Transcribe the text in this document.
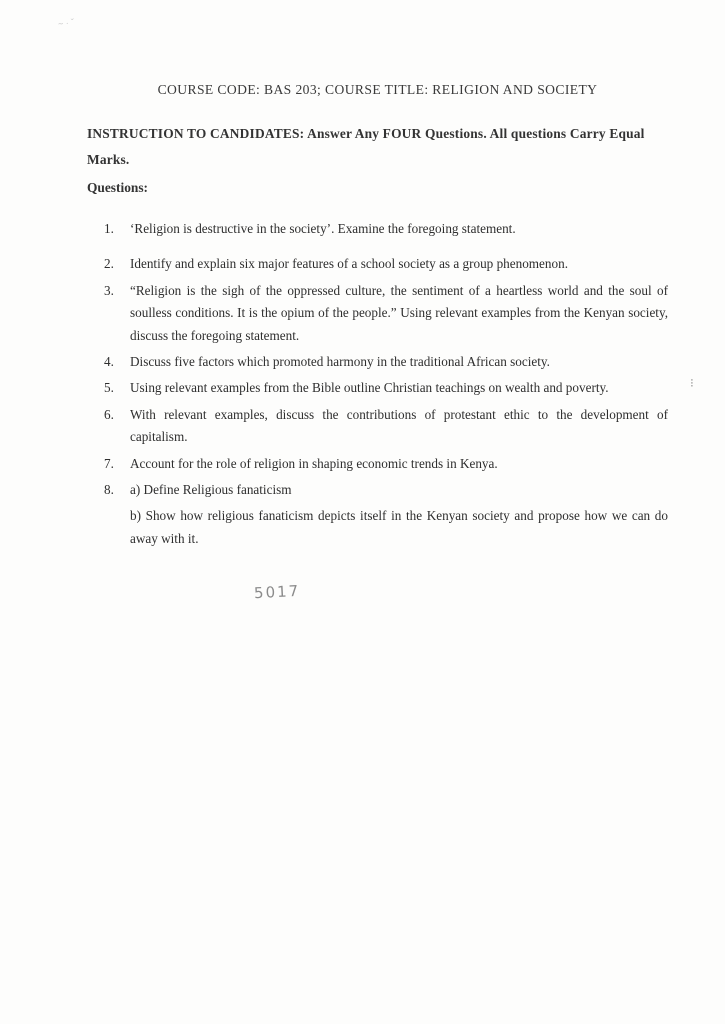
~ · ˇ
⁝
COURSE CODE: BAS 203; COURSE TITLE: RELIGION AND SOCIETY
INSTRUCTION TO CANDIDATES: Answer Any FOUR Questions. All questions Carry Equal Marks.
Questions:
1.	‘Religion is destructive in the society’. Examine the foregoing statement.
2.	Identify and explain six major features of a school society as a group phenomenon.
3.	“Religion is the sigh of the oppressed culture, the sentiment of a heartless world and the soul of soulless conditions. It is the opium of the people.” Using relevant examples from the Kenyan society, discuss the foregoing statement.
4.	Discuss five factors which promoted harmony in the traditional African society.
5.	Using relevant examples from the Bible outline Christian teachings on wealth and poverty.
6.	With relevant examples, discuss the contributions of protestant ethic to the development of capitalism.
7.	Account for the role of religion in shaping economic trends in Kenya.
8.	a) Define Religious fanaticism
b) Show how religious fanaticism depicts itself in the Kenyan society and propose how we can do away with it.
5017
